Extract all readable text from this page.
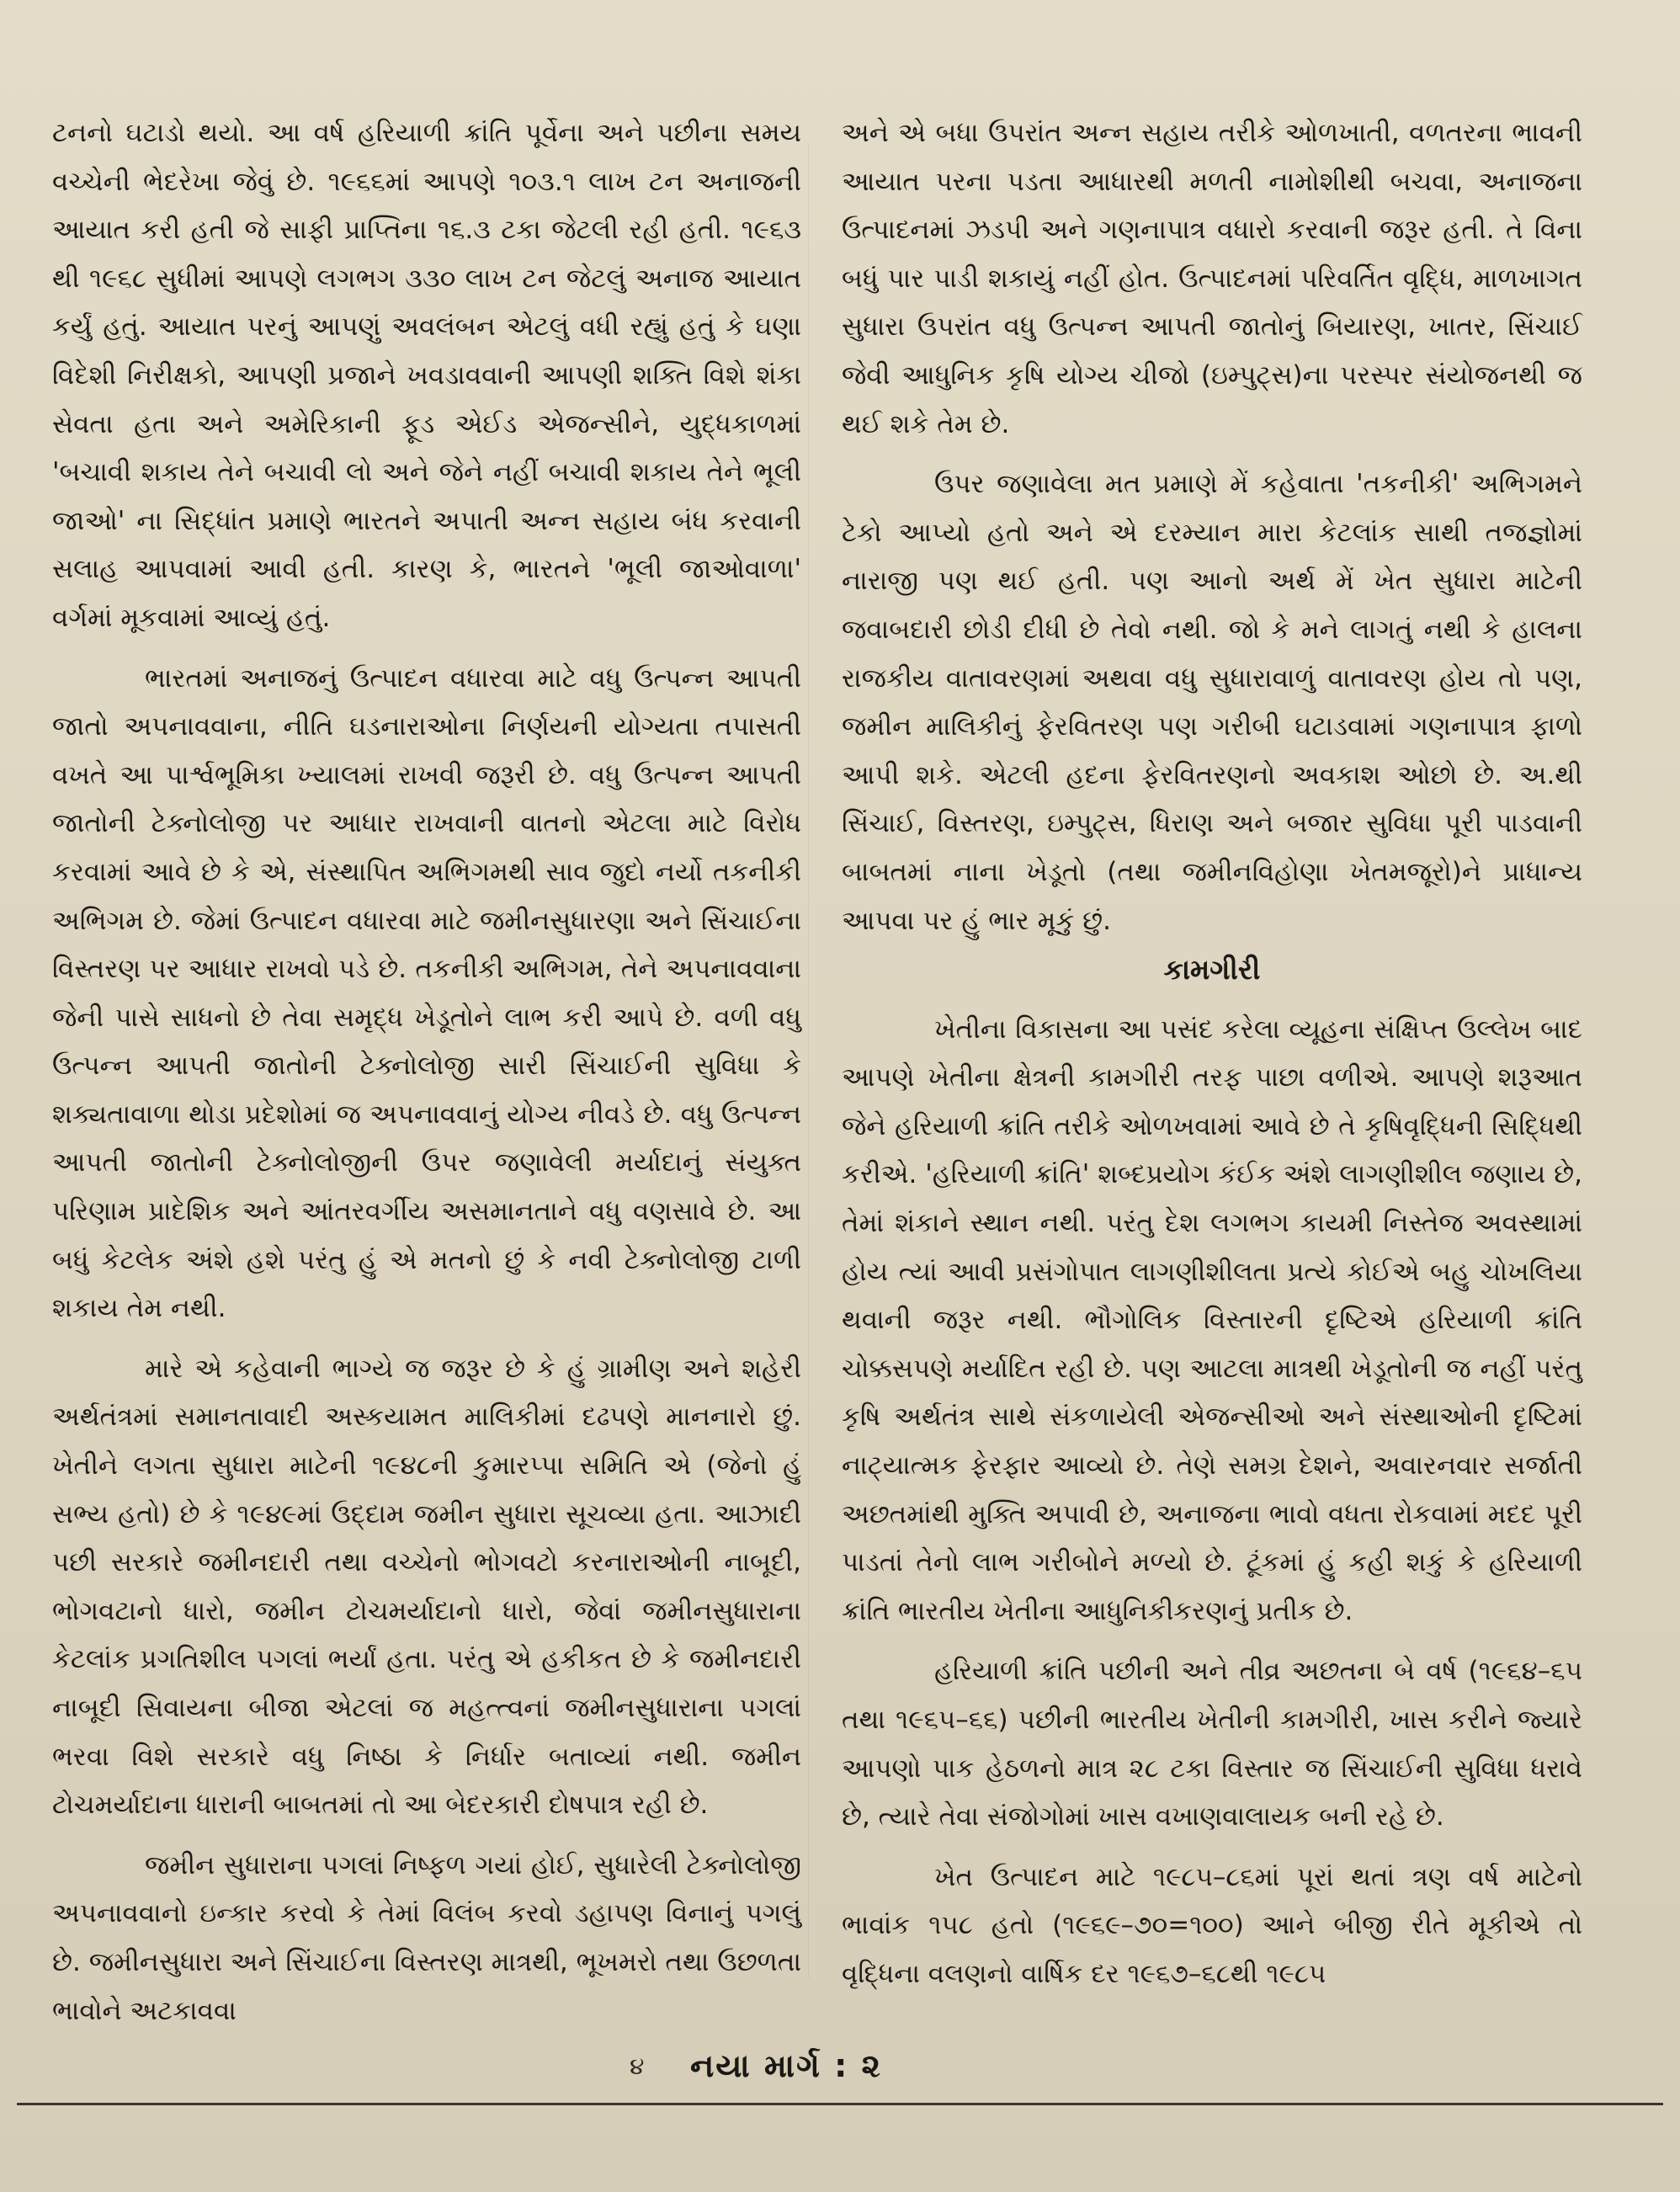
ટનનો ઘટાડો થયો. આ વર્ષ હરિયાળી ક્રાંતિ પૂર્વેના અને પછીના સમય વચ્ચેની ભેદરેખા જેવું છે. ૧૯૬૬માં આપણે ૧૦૩.૧ લાખ ટન અનાજની આયાત કરી હતી જે સાફી પ્રાપ્તિના ૧૬.૩ ટકા જેટલી રહી હતી. ૧૯૬૩ થી ૧૯૬૮ સુધીમાં આપણે લગભગ ૩૩૦ લાખ ટન જેટલું અનાજ આયાત કર્યું હતું. આયાત પરનું આપણું અવલંબન એટલું વધી રહ્યું હતું કે ઘણા વિદેશી નિરીક્ષકો, આપણી પ્રજાને ખવડાવવાની આપણી શક્તિ વિશે શંકા સેવતા હતા અને અમેરિકાની ફૂડ એઈડ એજન્સીને, યુદ્ધકાળમાં 'બચાવી શકાય તેને બચાવી લો અને જેને નહીં બચાવી શકાય તેને ભૂલી જાઓ' ના સિદ્ધાંત પ્રમાણે ભારતને અપાતી અન્ન સહાય બંધ કરવાની સલાહ આપવામાં આવી હતી. કારણ કે, ભારતને 'ભૂલી જાઓવાળા' વર્ગમાં મૂકવામાં આવ્યું હતું.

ભારતમાં અનાજનું ઉત્પાદન વધારવા માટે વધુ ઉત્પન્ન આપતી જાતો અપનાવવાના, નીતિ ઘડનારાઓના નિર્ણયની યોગ્યતા તપાસતી વખતે આ પાર્શ્વભૂમિકા ખ્યાલમાં રાખવી જરૂરી છે. વધુ ઉત્પન્ન આપતી જાતોની ટેક્નોલોજી પર આધાર રાખવાની વાતનો એટલા માટે વિરોધ કરવામાં આવે છે કે એ, સંસ્થાપિત અભિગમથી સાવ જુદો નર્યો તકનીકી અભિગમ છે. જેમાં ઉત્પાદન વધારવા માટે જમીનસુધારણા અને સિંચાઈના વિસ્તરણ પર આધાર રાખવો પડે છે. તકનીકી અભિગમ, તેને અપનાવવાના જેની પાસે સાધનો છે તેવા સમૃદ્ધ ખેડૂતોને લાભ કરી આપે છે. વળી વધુ ઉત્પન્ન આપતી જાતોની ટેક્નોલોજી સારી સિંચાઈની સુવિધા કે શક્યતાવાળા થોડા પ્રદેશોમાં જ અપનાવવાનું યોગ્ય નીવડે છે. વધુ ઉત્પન્ન આપતી જાતોની ટેક્નોલોજીની ઉપર જણાવેલી મર્યાદાનું સંયુક્ત પરિણામ પ્રાદેશિક અને આંતરવર્ગીય અસમાનતાને વધુ વણસાવે છે. આ બધું કેટલેક અંશે હશે પરંતુ હું એ મતનો છું કે નવી ટેક્નોલોજી ટાળી શકાય તેમ નથી.

મારે એ કહેવાની ભાગ્યે જ જરૂર છે કે હું ગ્રામીણ અને શહેરી અર્થતંત્રમાં સમાનતાવાદી અસ્કયામત માલિકીમાં દઢપણે માનનારો છું. ખેતીને લગતા સુધારા માટેની ૧૯૪૮ની કુમારપ્પા સમિતિ એ (જેનો હું સભ્ય હતો) છે કે ૧૯૪૯માં ઉદ્દામ જમીન સુધારા સૂચવ્યા હતા. આઝાદી પછી સરકારે જમીનદારી તથા વચ્ચેનો ભોગવટો કરનારાઓની નાબૂદી, ભોગવટાનો ધારો, જમીન ટોચમર્યાદાનો ધારો, જેવાં જમીનસુધારાના કેટલાંક પ્રગતિશીલ પગલાં ભર્યાં હતા. પરંતુ એ હકીકત છે કે જમીનદારી નાબૂદી સિવાયના બીજા એટલાં જ મહત્ત્વનાં જમીનસુધારાના પગલાં ભરવા વિશે સરકારે વધુ નિષ્ઠા કે નિર્ધાર બતાવ્યાં નથી. જમીન ટોચમર્યાદાના ધારાની બાબતમાં તો આ બેદરકારી દોષપાત્ર રહી છે.

જમીન સુધારાના પગલાં નિષ્ફળ ગયાં હોઈ, સુધારેલી ટેક્નોલોજી અપનાવવાનો ઇન્કાર કરવો કે તેમાં વિલંબ કરવો ડહાપણ વિનાનું પગલું છે. જમીનસુધારા અને સિંચાઈના વિસ્તરણ માત્રથી, ભૂખમરો તથા ઉછળતા ભાવોને અટકાવવા

અને એ બધા ઉપરાંત અન્ન સહાય તરીકે ઓળખાતી, વળતરના ભાવની આયાત પરના પડતા આધારથી મળતી નામોશીથી બચવા, અનાજના ઉત્પાદનમાં ઝડપી અને ગણનાપાત્ર વધારો કરવાની જરૂર હતી. તે વિના બધું પાર પાડી શકાયું નહીં હોત. ઉત્પાદનમાં પરિવર્તિત વૃદ્ધિ, માળખાગત સુધારા ઉપરાંત વધુ ઉત્પન્ન આપતી જાતોનું બિયારણ, ખાતર, સિંચાઈ જેવી આધુનિક કૃષિ યોગ્ય ચીજો (ઇમ્પુટ્સ)ના પરસ્પર સંયોજનથી જ થઈ શકે તેમ છે.

ઉપર જણાવેલા મત પ્રમાણે મેં કહેવાતા 'તકનીકી' અભિગમને ટેકો આપ્યો હતો અને એ દરમ્યાન મારા કેટલાંક સાથી તજજ્ઞોમાં નારાજી પણ થઈ હતી. પણ આનો અર્થ મેં ખેત સુધારા માટેની જવાબદારી છોડી દીધી છે તેવો નથી. જો કે મને લાગતું નથી કે હાલના રાજકીય વાતાવરણમાં અથવા વધુ સુધારાવાળું વાતાવરણ હોય તો પણ, જમીન માલિકીનું ફેરવિતરણ પણ ગરીબી ઘટાડવામાં ગણનાપાત્ર ફાળો આપી શકે. એટલી હદના ફેરવિતરણનો અવકાશ ઓછો છે. અ.થી સિંચાઈ, વિસ્તરણ, ઇમ્પુટ્સ, ધિરાણ અને બજાર સુવિધા પૂરી પાડવાની બાબતમાં નાના ખેડૂતો (તથા જમીનવિહોણા ખેતમજૂરો)ને પ્રાધાન્ય આપવા પર હું ભાર મૂકું છું.

કામગીરી

ખેતીના વિકાસના આ પસંદ કરેલા વ્યૂહના સંક્ષિપ્ત ઉલ્લેખ બાદ આપણે ખેતીના ક્ષેત્રની કામગીરી તરફ પાછા વળીએ. આપણે શરૂઆત જેને હરિયાળી ક્રાંતિ તરીકે ઓળખવામાં આવે છે તે કૃષિવૃદ્ધિની સિદ્ધિથી કરીએ. 'હરિયાળી ક્રાંતિ' શબ્દપ્રયોગ કંઈક અંશે લાગણીશીલ જણાય છે, તેમાં શંકાને સ્થાન નથી. પરંતુ દેશ લગભગ કાયમી નિસ્તેજ અવસ્થામાં હોય ત્યાં આવી પ્રસંગોપાત લાગણીશીલતા પ્રત્યે કોઈએ બહુ ચોખલિયા થવાની જરૂર નથી. ભૌગોલિક વિસ્તારની દૃષ્ટિએ હરિયાળી ક્રાંતિ ચોક્કસપણે મર્યાદિત રહી છે. પણ આટલા માત્રથી ખેડૂતોની જ નહીં પરંતુ કૃષિ અર્થતંત્ર સાથે સંકળાયેલી એજન્સીઓ અને સંસ્થાઓની દૃષ્ટિમાં નાટ્યાત્મક ફેરફાર આવ્યો છે. તેણે સમગ્ર દેશને, અવારનવાર સર્જાતી અછતમાંથી મુક્તિ અપાવી છે, અનાજના ભાવો વધતા રોકવામાં મદદ પૂરી પાડતાં તેનો લાભ ગરીબોને મળ્યો છે. ટૂંકમાં હું કહી શકું કે હરિયાળી ક્રાંતિ ભારતીય ખેતીના આધુનિકીકરણનું પ્રતીક છે.

હરિયાળી ક્રાંતિ પછીની અને તીવ્ર અછતના બે વર્ષ (૧૯૬૪–૬૫ તથા ૧૯૬૫–૬૬) પછીની ભારતીય ખેતીની કામગીરી, ખાસ કરીને જ્યારે આપણો પાક હેઠળનો માત્ર ૨૮ ટકા વિસ્તાર જ સિંચાઈની સુવિધા ધરાવે છે, ત્યારે તેવા સંજોગોમાં ખાસ વખાણવાલાયક બની રહે છે.

ખેત ઉત્પાદન માટે ૧૯૮૫–૮૬માં પૂરાં થતાં ત્રણ વર્ષ માટેનો ભાવાંક ૧૫૮ હતો (૧૯૬૯–૭૦=૧૦૦) આને બીજી રીતે મૂકીએ તો વૃદ્ધિના વલણનો વાર્ષિક દર ૧૯૬૭–૬૮થી ૧૯૮૫

૪ નયા માર્ગ : ૨
